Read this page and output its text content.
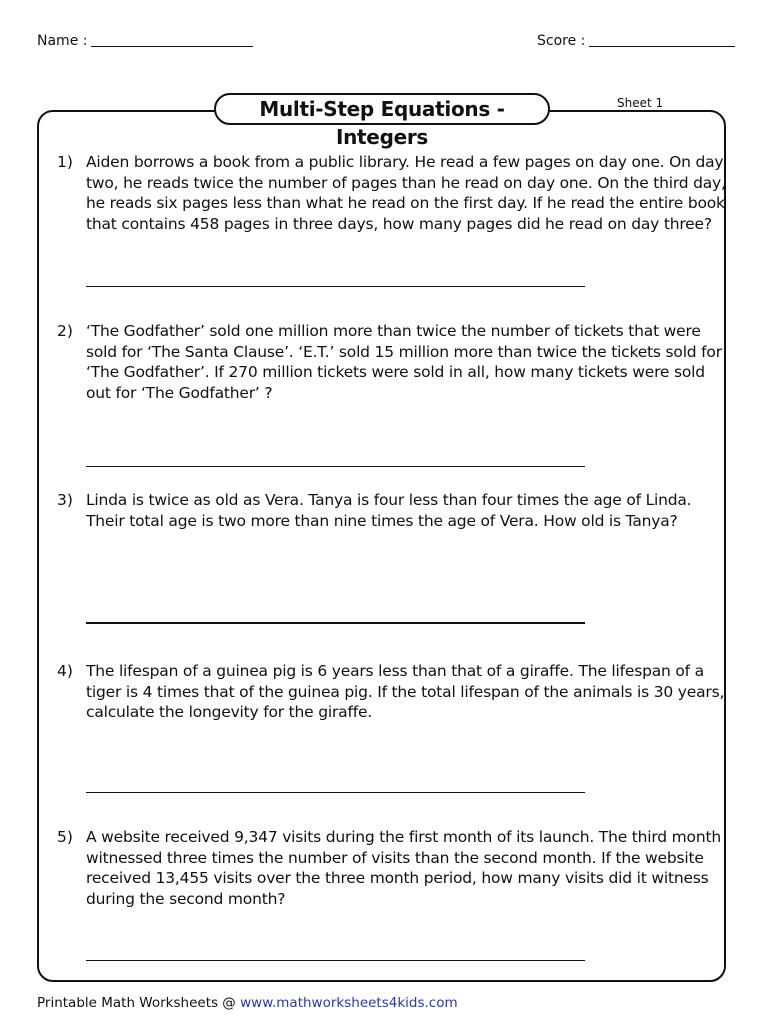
Name :	Score :
Multi-Step Equations - Integers
Sheet 1
1) Aiden borrows a book from a public library. He read a few pages on day one. On day two, he reads twice the number of pages than he read on day one. On the third day, he reads six pages less than what he read on the first day. If he read the entire book that contains 458 pages in three days, how many pages did he read on day three?
2) ‘The Godfather’ sold one million more than twice the number of tickets that were sold for ‘The Santa Clause’. ‘E.T.’ sold 15 million more than twice the tickets sold for ‘The Godfather’. If 270 million tickets were sold in all, how many tickets were sold out for ‘The Godfather’ ?
3) Linda is twice as old as Vera. Tanya is four less than four times the age of Linda. Their total age is two more than nine times the age of Vera. How old is Tanya?
4) The lifespan of a guinea pig is 6 years less than that of a giraffe. The lifespan of a tiger is 4 times that of the guinea pig. If the total lifespan of the animals is 30 years, calculate the longevity for the giraffe.
5) A website received 9,347 visits during the first month of its launch. The third month witnessed three times the number of visits than the second month. If the website received 13,455 visits over the three month period, how many visits did it witness during the second month?
Printable Math Worksheets @ www.mathworksheets4kids.com
